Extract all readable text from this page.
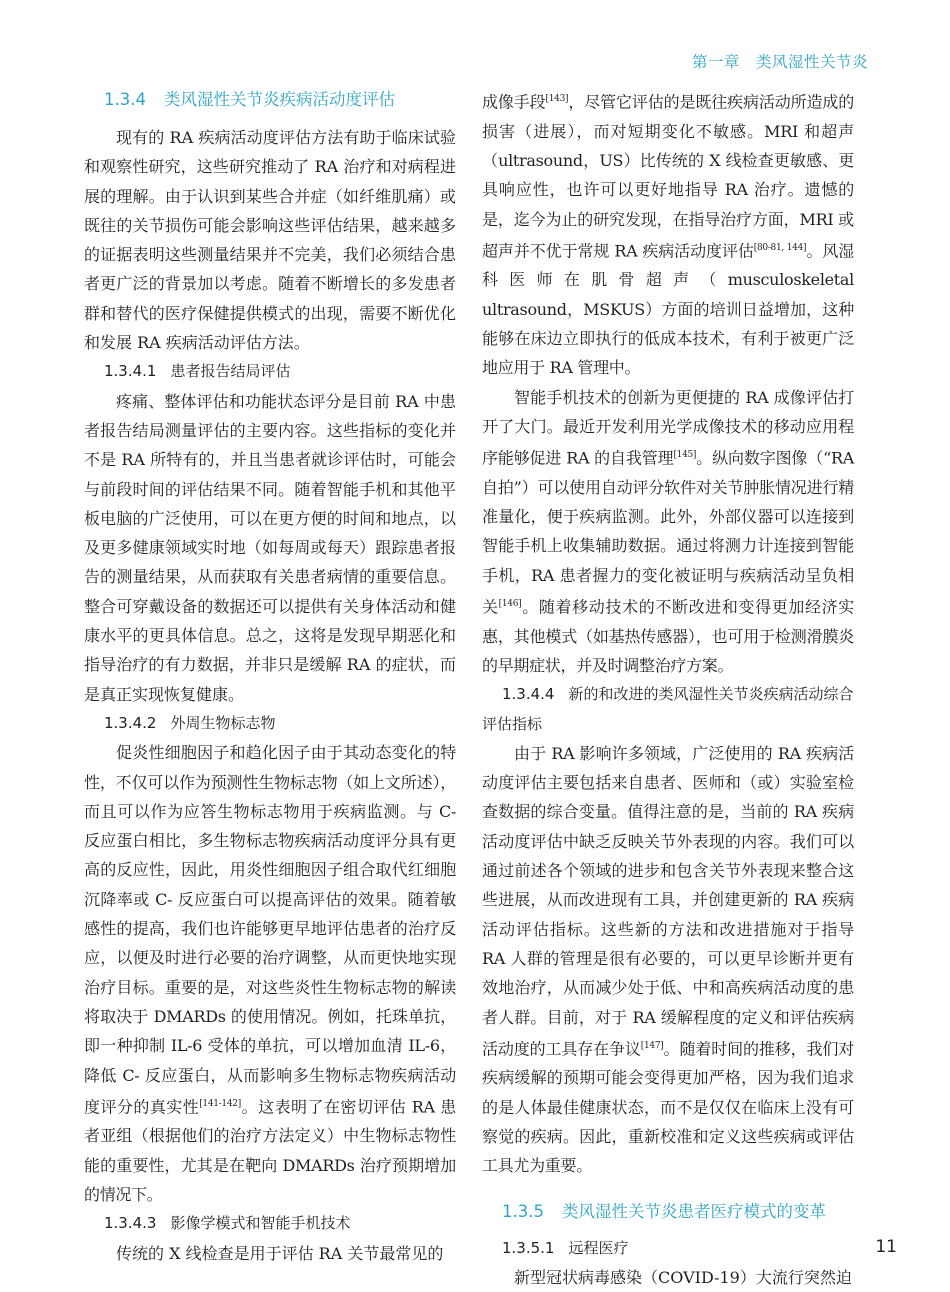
第一章　类风湿性关节炎
1.3.4 类风湿性关节炎疾病活动度评估

现有的 RA 疾病活动度评估方法有助于临床试验和观察性研究，这些研究推动了 RA 治疗和对病程进展的理解。由于认识到某些合并症（如纤维肌痛）或既往的关节损伤可能会影响这些评估结果，越来越多的证据表明这些测量结果并不完美，我们必须结合患者更广泛的背景加以考虑。随着不断增长的多发患者群和替代的医疗保健提供模式的出现，需要不断优化和发展 RA 疾病活动评估方法。

1.3.4.1 患者报告结局评估

疼痛、整体评估和功能状态评分是目前 RA 中患者报告结局测量评估的主要内容。这些指标的变化并不是 RA 所特有的，并且当患者就诊评估时，可能会与前段时间的评估结果不同。随着智能手机和其他平板电脑的广泛使用，可以在更方便的时间和地点，以及更多健康领域实时地（如每周或每天）跟踪患者报告的测量结果，从而获取有关患者病情的重要信息。整合可穿戴设备的数据还可以提供有关身体活动和健康水平的更具体信息。总之，这将是发现早期恶化和指导治疗的有力数据，并非只是缓解 RA 的症状，而是真正实现恢复健康。

1.3.4.2 外周生物标志物

促炎性细胞因子和趋化因子由于其动态变化的特性，不仅可以作为预测性生物标志物（如上文所述），而且可以作为应答生物标志物用于疾病监测。与 C- 反应蛋白相比，多生物标志物疾病活动度评分具有更高的反应性，因此，用炎性细胞因子组合取代红细胞沉降率或 C- 反应蛋白可以提高评估的效果。随着敏感性的提高，我们也许能够更早地评估患者的治疗反应，以便及时进行必要的治疗调整，从而更快地实现治疗目标。重要的是，对这些炎性生物标志物的解读将取决于 DMARDs 的使用情况。例如，托珠单抗，即一种抑制 IL-6 受体的单抗，可以增加血清 IL-6，降低 C- 反应蛋白，从而影响多生物标志物疾病活动度评分的真实性[141-142]。这表明了在密切评估 RA 患者亚组（根据他们的治疗方法定义）中生物标志物性能的重要性，尤其是在靶向 DMARDs 治疗预期增加的情况下。

1.3.4.3 影像学模式和智能手机技术

传统的 X 线检查是用于评估 RA 关节最常见的

成像手段[143]，尽管它评估的是既往疾病活动所造成的损害（进展），而对短期变化不敏感。MRI 和超声（ultrasound，US）比传统的 X 线检查更敏感、更具响应性，也许可以更好地指导 RA 治疗。遗憾的是，迄今为止的研究发现，在指导治疗方面，MRI 或超声并不优于常规 RA 疾病活动度评估[80-81, 144]。风湿科医师在肌骨超声（musculoskeletal ultrasound，MSKUS）方面的培训日益增加，这种能够在床边立即执行的低成本技术，有利于被更广泛地应用于 RA 管理中。

智能手机技术的创新为更便捷的 RA 成像评估打开了大门。最近开发利用光学成像技术的移动应用程序能够促进 RA 的自我管理[145]。纵向数字图像（“RA 自拍”）可以使用自动评分软件对关节肿胀情况进行精准量化，便于疾病监测。此外，外部仪器可以连接到智能手机上收集辅助数据。通过将测力计连接到智能手机，RA 患者握力的变化被证明与疾病活动呈负相关[146]。随着移动技术的不断改进和变得更加经济实惠，其他模式（如基热传感器），也可用于检测滑膜炎的早期症状，并及时调整治疗方案。

1.3.4.4 新的和改进的类风湿性关节炎疾病活动综合评估指标

由于 RA 影响许多领域，广泛使用的 RA 疾病活动度评估主要包括来自患者、医师和（或）实验室检查数据的综合变量。值得注意的是，当前的 RA 疾病活动度评估中缺乏反映关节外表现的内容。我们可以通过前述各个领域的进步和包含关节外表现来整合这些进展，从而改进现有工具，并创建更新的 RA 疾病活动评估指标。这些新的方法和改进措施对于指导 RA 人群的管理是很有必要的，可以更早诊断并更有效地治疗，从而减少处于低、中和高疾病活动度的患者人群。目前，对于 RA 缓解程度的定义和评估疾病活动度的工具存在争议[147]。随着时间的推移，我们对疾病缓解的预期可能会变得更加严格，因为我们追求的是人体最佳健康状态，而不是仅仅在临床上没有可察觉的疾病。因此，重新校准和定义这些疾病或评估工具尤为重要。

1.3.5 类风湿性关节炎患者医疗模式的变革
1.3.5.1 远程医疗

新型冠状病毒感染（COVID-19）大流行突然迫

11
